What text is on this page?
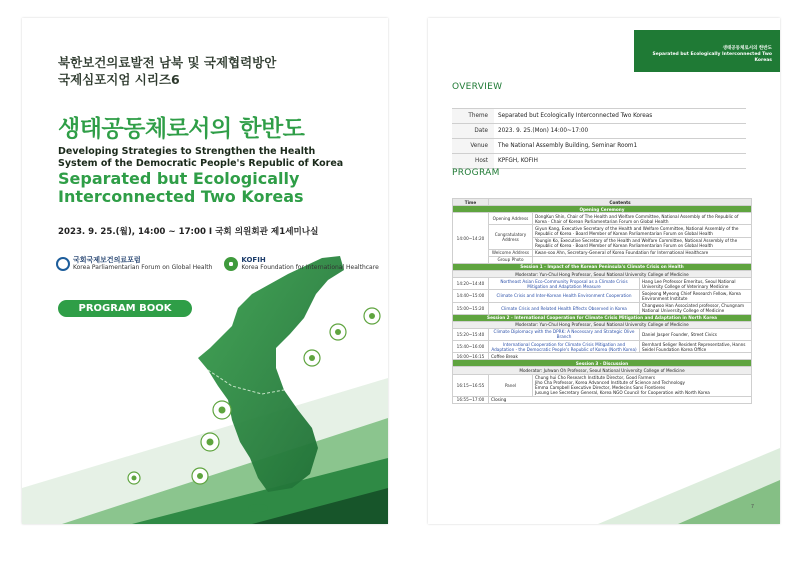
북한보건의료발전 남북 및 국제협력방안
국제심포지엄 시리즈6
생태공동체로서의 한반도
Developing Strategies to Strengthen the Health System of the Democratic People's Republic of Korea
Separated but Ecologically
Interconnected Two Koreas
2023. 9. 25.(월), 14:00 ~ 17:00 I 국회 의원회관 제1세미나실
국회국제보건의료포럼
Korea Parliamentarian Forum on Global Health
KOFIH
Korea Foundation for International Healthcare
PROGRAM BOOK
생태공동체로서의 한반도
Separated but Ecologically Interconnected Two Koreas
OVERVIEW
Theme	Separated but Ecologically Interconnected Two Koreas
Date	2023. 9. 25.(Mon) 14:00~17:00
Venue	The National Assembly Building, Seminar Room1
Host	KPFGH, KOFIH
PROGRAM
Time	Contents		
Opening Ceremony			
14:00~14:20	Opening Address	DongKun Shin, Chair of The Health and Welfare Committee, National Assembly of the Republic of Korea · Chair of Korean Parliamentarian Forum on Global Health	
	Congratulatory Address	Giyun Kang, Executive Secretary of the Health and Welfare Committee, National Assembly of the Republic of Korea · Board Member of Korean Parliamentarian Forum on Global Health	
		Youngin Ko, Executive Secretary of the Health and Welfare Committee, National Assembly of the Republic of Korea · Board Member of Korean Parliamentarian Forum on Global Health	
	Welcome Address	Kwan-soo Ahn, Secretary-General of Korea Foundation for International Healthcare	
	Group Photo		
Session 1 - Impact of the Korean Peninsula's Climate Crisis on Health			
Moderator: Yun-Chul Hong Professor, Seoul National University College of Medicine			
14:20~14:40	Northeast Asian Eco-Community Proposal as a Climate Crisis Mitigation and Adaptation Measure		Hang Lee Professor Emeritus, Seoul National University College of Veterinary Medicine
14:40~15:00	Climate Crisis and Inter-Korean Health Environment Cooperation		Soojeong Myeong Chief Research Fellow, Korea Environment Institute
15:00~15:20	Climate Crisis and Related Health Effects Observed in Korea		Changwoo Han Associated professor, Chungnam National University College of Medicine
Session 2 - International Cooperation for Climate Crisis Mitigation and Adaptation in North Korea			
Moderator: Yun-Chul Hong Professor, Seoul National University College of Medicine			
15:20~15:40	Climate Diplomacy with the DPRK: A Necessary and Strategic Olive Branch		Daniel Jasper Founder, Street Civics
15:40~16:00	International Cooperation for Climate Crisis Mitigation and Adaptation - the Democratic People's Republic of Korea (North Korea)		Bernhard Seliger Resident Representative, Hanns Seidel Foundation Korea Office
16:00~16:15	Coffee Break		
Session 3 - Discussion			
Moderator: Juhwan Oh Professor, Seoul National University College of Medicine			
16:15~16:55	Panel	Chung hui Cho Research Institute Director, Good Farmers
Jiho Cha Professor, Korea Advanced Institute of Science and Technology
Emma Campbell Executive Director, Medecins Sans Frontieres
Jusung Lee Secretary General, Korea NGO Council for Cooperation with North Korea	

16:55~17:00	Closing		
7
